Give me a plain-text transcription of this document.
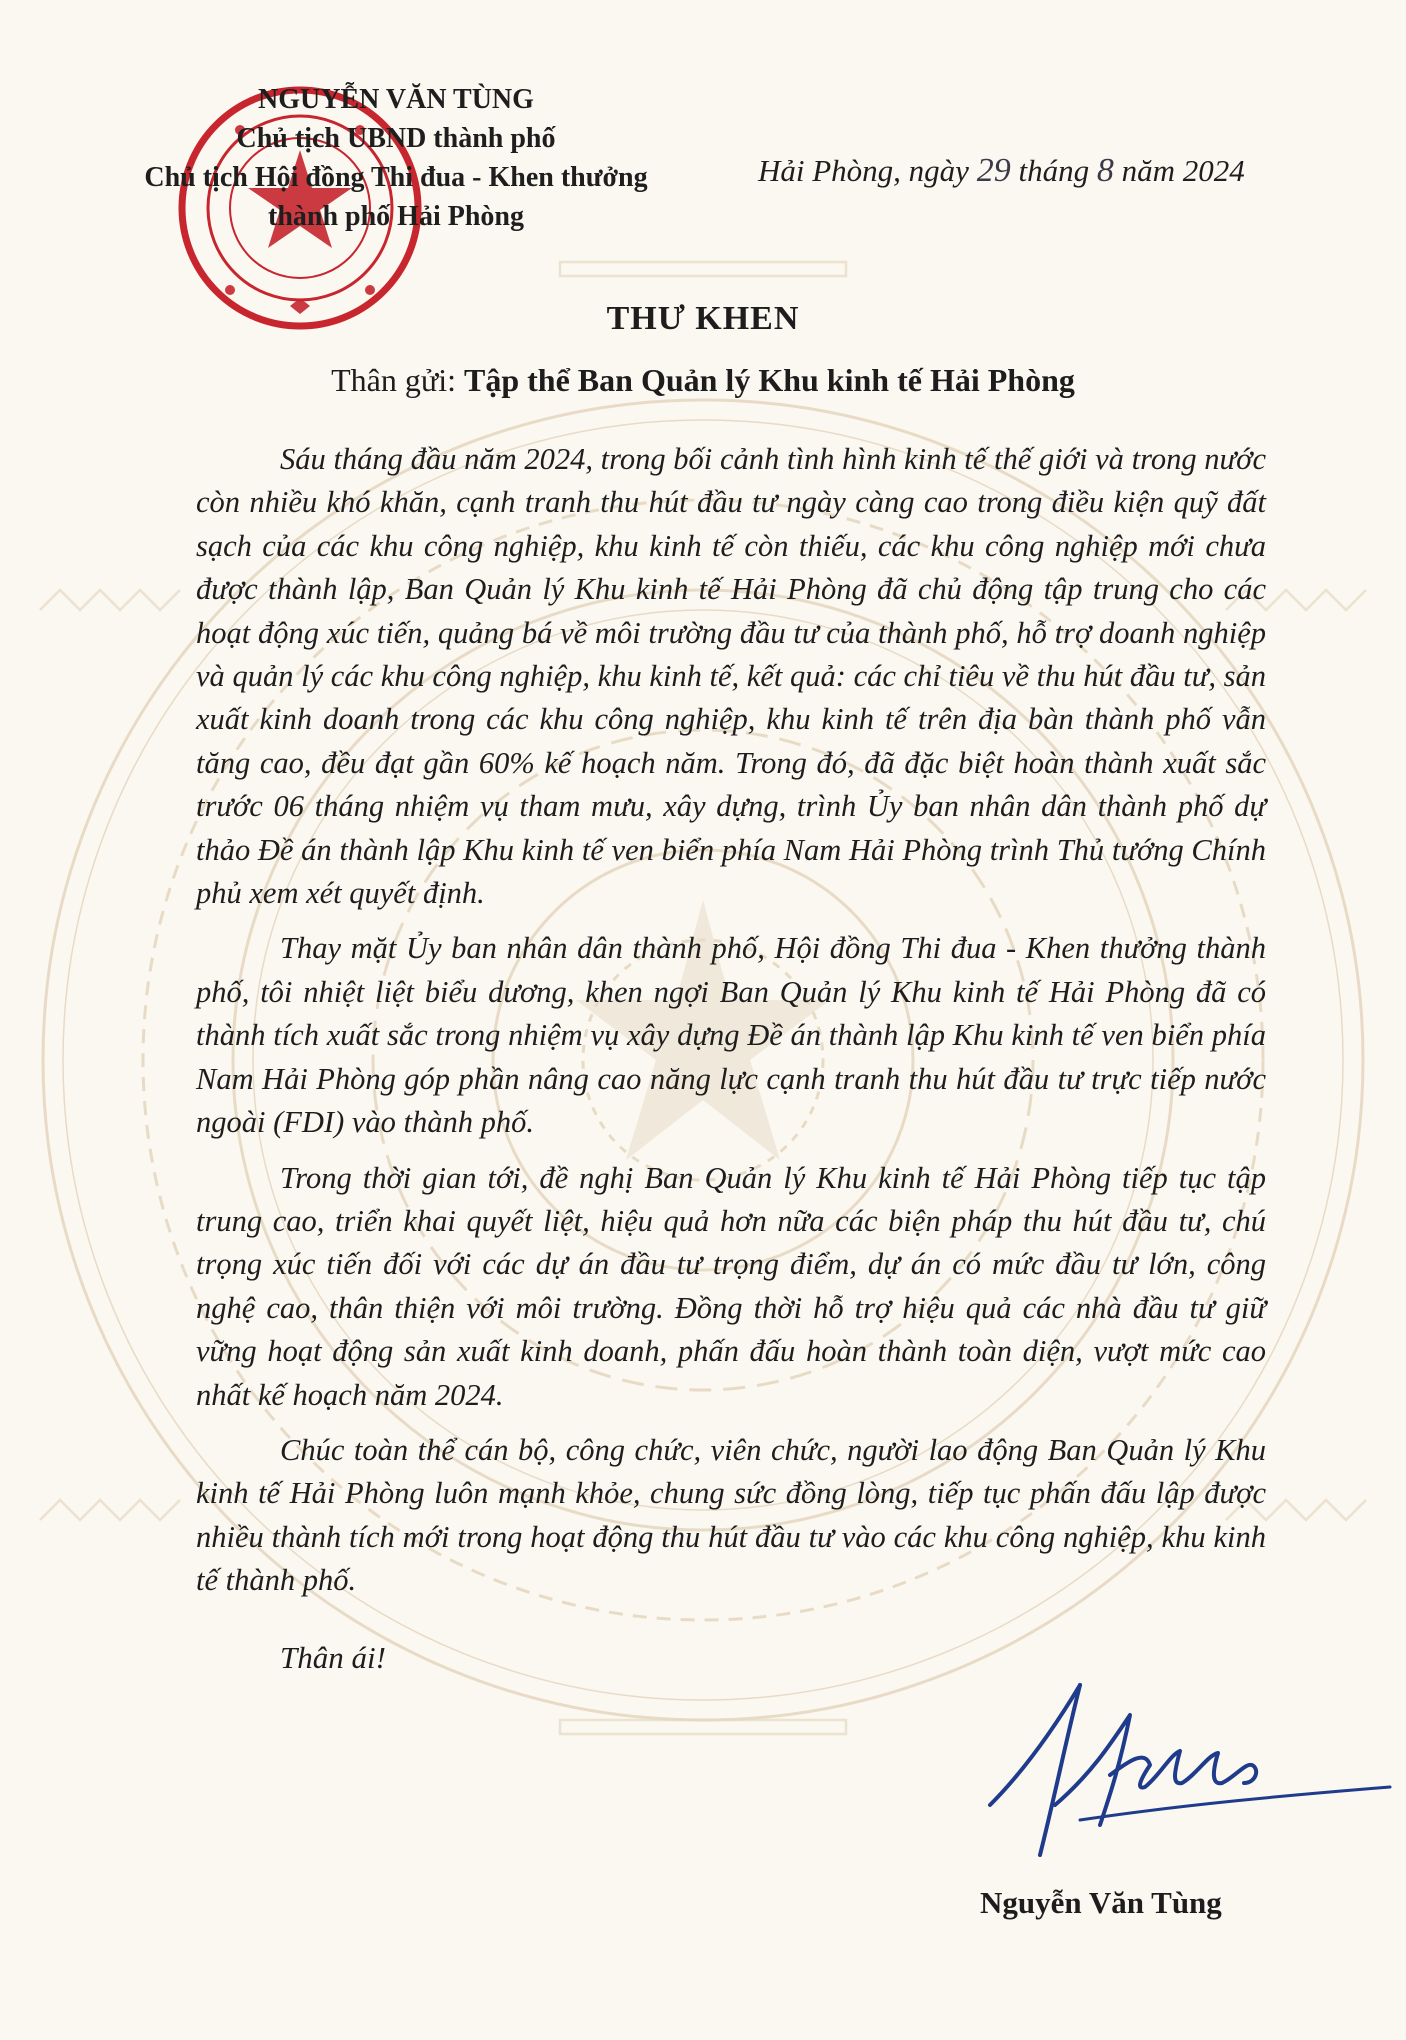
NGUYỄN VĂN TÙNG
Chủ tịch UBND thành phố
Chủ tịch Hội đồng Thi đua - Khen thưởng
thành phố Hải Phòng
Hải Phòng, ngày 29 tháng 8 năm 2024
THƯ KHEN
Thân gửi: Tập thể Ban Quản lý Khu kinh tế Hải Phòng

Sáu tháng đầu năm 2024, trong bối cảnh tình hình kinh tế thế giới và trong nước còn nhiều khó khăn, cạnh tranh thu hút đầu tư ngày càng cao trong điều kiện quỹ đất sạch của các khu công nghiệp, khu kinh tế còn thiếu, các khu công nghiệp mới chưa được thành lập, Ban Quản lý Khu kinh tế Hải Phòng đã chủ động tập trung cho các hoạt động xúc tiến, quảng bá về môi trường đầu tư của thành phố, hỗ trợ doanh nghiệp và quản lý các khu công nghiệp, khu kinh tế, kết quả: các chỉ tiêu về thu hút đầu tư, sản xuất kinh doanh trong các khu công nghiệp, khu kinh tế trên địa bàn thành phố vẫn tăng cao, đều đạt gần 60% kế hoạch năm. Trong đó, đã đặc biệt hoàn thành xuất sắc trước 06 tháng nhiệm vụ tham mưu, xây dựng, trình Ủy ban nhân dân thành phố dự thảo Đề án thành lập Khu kinh tế ven biển phía Nam Hải Phòng trình Thủ tướng Chính phủ xem xét quyết định.

Thay mặt Ủy ban nhân dân thành phố, Hội đồng Thi đua - Khen thưởng thành phố, tôi nhiệt liệt biểu dương, khen ngợi Ban Quản lý Khu kinh tế Hải Phòng đã có thành tích xuất sắc trong nhiệm vụ xây dựng Đề án thành lập Khu kinh tế ven biển phía Nam Hải Phòng góp phần nâng cao năng lực cạnh tranh thu hút đầu tư trực tiếp nước ngoài (FDI) vào thành phố.

Trong thời gian tới, đề nghị Ban Quản lý Khu kinh tế Hải Phòng tiếp tục tập trung cao, triển khai quyết liệt, hiệu quả hơn nữa các biện pháp thu hút đầu tư, chú trọng xúc tiến đối với các dự án đầu tư trọng điểm, dự án có mức đầu tư lớn, công nghệ cao, thân thiện với môi trường. Đồng thời hỗ trợ hiệu quả các nhà đầu tư giữ vững hoạt động sản xuất kinh doanh, phấn đấu hoàn thành toàn diện, vượt mức cao nhất kế hoạch năm 2024.

Chúc toàn thể cán bộ, công chức, viên chức, người lao động Ban Quản lý Khu kinh tế Hải Phòng luôn mạnh khỏe, chung sức đồng lòng, tiếp tục phấn đấu lập được nhiều thành tích mới trong hoạt động thu hút đầu tư vào các khu công nghiệp, khu kinh tế thành phố.

Thân ái!
Nguyễn Văn Tùng
